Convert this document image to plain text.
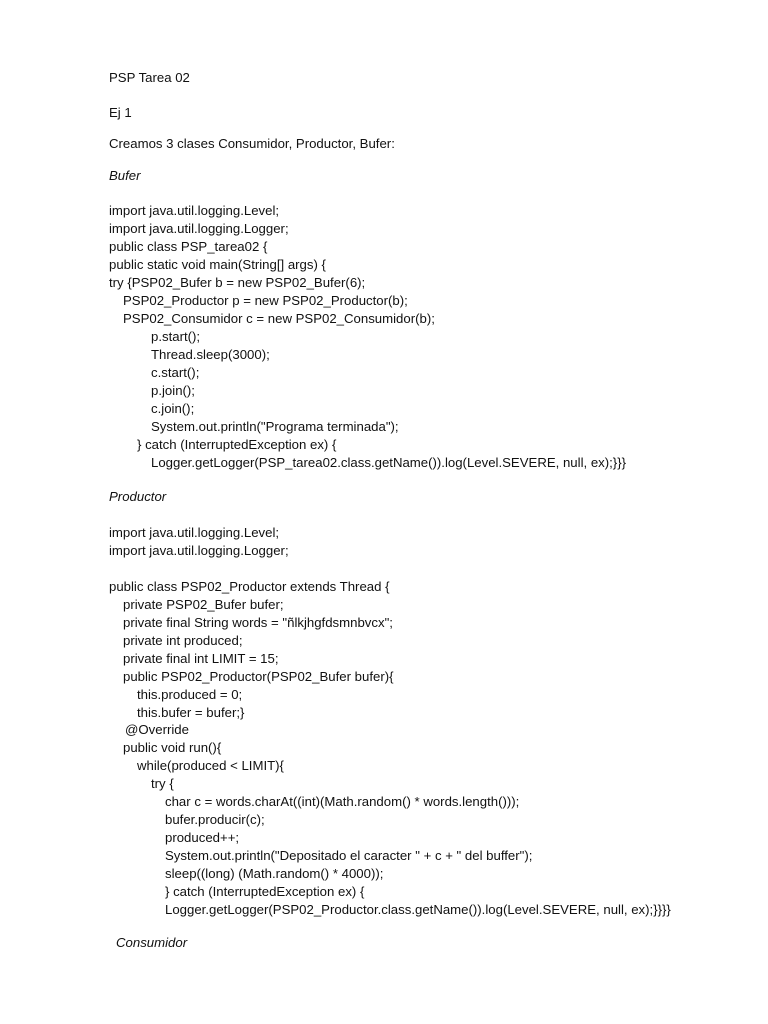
PSP Tarea 02

Ej 1

Creamos 3 clases Consumidor, Productor, Bufer:

Bufer

import java.util.logging.Level;

import java.util.logging.Logger;

public class PSP_tarea02 {

public static void main(String[] args) {

try {PSP02_Bufer b = new PSP02_Bufer(6);

PSP02_Productor p = new PSP02_Productor(b);

PSP02_Consumidor c = new PSP02_Consumidor(b);

p.start();

Thread.sleep(3000);

c.start();

p.join();

c.join();

System.out.println("Programa terminada");

} catch (InterruptedException ex) {

Logger.getLogger(PSP_tarea02.class.getName()).log(Level.SEVERE, null, ex);}}}

Productor

import java.util.logging.Level;

import java.util.logging.Logger;

public class PSP02_Productor extends Thread {

private PSP02_Bufer bufer;

private final String words = "ñlkjhgfdsmnbvcx";

private int produced;

private final int LIMIT = 15;

public PSP02_Productor(PSP02_Bufer bufer){

this.produced = 0;

this.bufer = bufer;}

@Override

public void run(){

while(produced < LIMIT){

try {

char c = words.charAt((int)(Math.random() * words.length()));

bufer.producir(c);

produced++;

System.out.println("Depositado el caracter " + c + " del buffer");

sleep((long) (Math.random() * 4000));

} catch (InterruptedException ex) {

Logger.getLogger(PSP02_Productor.class.getName()).log(Level.SEVERE, null, ex);}}}}

Consumidor
